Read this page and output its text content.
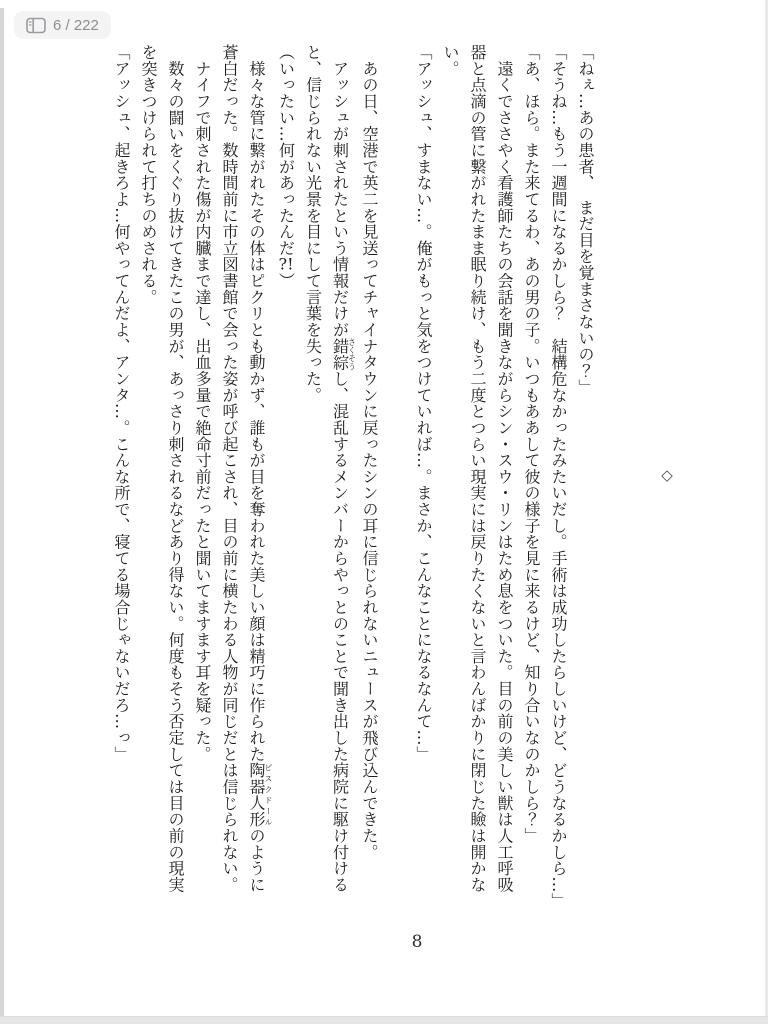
6 / 222
◇

「ねぇ…あの患者、　まだ目を覚まさないの？」

「そうね…もう一週間になるかしら？　結構危なかったみたいだし。手術は成功したらしいけど、どうなるかしら…」

「あ、ほら。また来てるわ、あの男の子。いつもああして彼の様子を見に来るけど、知り合いなのかしら？」

　遠くでささやく看護師たちの会話を聞きながらシン・スウ・リンはため息をついた。目の前の美しい獣は人工呼吸器と点滴の管に繋がれたまま眠り続け、もう二度とつらい現実には戻りたくないと言わんばかりに閉じた瞼は開かない。

「アッシュ、すまない…。俺がもっと気をつけていれば…。まさか、こんなことになるなんて…」

　あの日、空港で英二を見送ってチャイナタウンに戻ったシンの耳に信じられないニュースが飛び込んできた。

　アッシュが刺されたという情報だけが錯綜さくそうし、混乱するメンバーからやっとのことで聞き出した病院に駆け付けると、信じられない光景を目にして言葉を失った。

（いったい…何があったんだ?!）

　様々な管に繋がれたその体はピクリとも動かず、誰もが目を奪われた美しい顔は精巧に作られた陶器人形ビスクドールのように蒼白だった。数時間前に市立図書館で会った姿が呼び起こされ、目の前に横たわる人物が同じだとは信じられない。

　ナイフで刺された傷が内臓まで達し、出血多量で絶命寸前だったと聞いてますます耳を疑った。

　数々の闘いをくぐり抜けてきたこの男が、あっさり刺されるなどあり得ない。何度もそう否定しては目の前の現実を突きつけられて打ちのめされる。

「アッシュ、起きろよ…何やってんだよ、アンタ…。こんな所で、寝てる場合じゃないだろ…っ」

8
